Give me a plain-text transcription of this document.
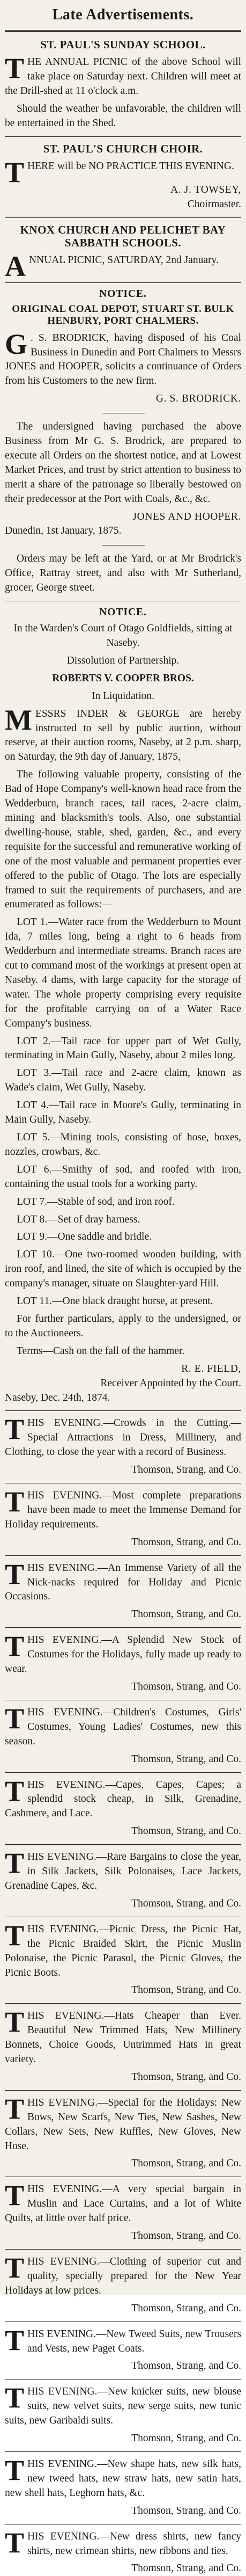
Late Advertisements.
ST. PAUL'S SUNDAY SCHOOL.
T HE ANNUAL PICNIC of the above School will take place on Saturday next. Children will meet at the Drill-shed at 11 o'clock a.m.
Should the weather be unfavorable, the children will be entertained in the Shed.
ST. PAUL'S CHURCH CHOIR.
T HERE will be NO PRACTICE THIS EVENING.
A. J. TOWSEY,
Choirmaster.
KNOX CHURCH AND PELICHET BAY SABBATH SCHOOLS.
A NNUAL PICNIC, SATURDAY, 2nd January.
NOTICE.
ORIGINAL COAL DEPOT, STUART ST. BULK HENBURY, PORT CHALMERS.
G . S. BRODRICK, having disposed of his Coal Business in Dunedin and Port Chalmers to Messrs JONES and HOOPER, solicits a continuance of Orders from his Customers to the new firm.
G. S. BRODRICK.
The undersigned having purchased the above Business from Mr G. S. Brodrick, are prepared to execute all Orders on the shortest notice, and at Lowest Market Prices, and trust by strict attention to business to merit a share of the patronage so liberally bestowed on their predecessor at the Port with Coals, &c., &c.
JONES AND HOOPER.
Dunedin, 1st January, 1875.
Orders may be left at the Yard, or at Mr Brodrick's Office, Rattray street, and also with Mr Sutherland, grocer, George street.
NOTICE.
In the Warden's Court of Otago Goldfields, sitting at Naseby.
Dissolution of Partnership.
ROBERTS V. COOPER BROS.
In Liquidation.
M ESSRS INDER & GEORGE are hereby instructed to sell by public auction, without reserve, at their auction rooms, Naseby, at 2 p.m. sharp, on Saturday, the 9th day of January, 1875,
The following valuable property, consisting of the Bad of Hope Company's well-known head race from the Wedderburn, branch races, tail races, 2-acre claim, mining and blacksmith's tools. Also, one substantial dwelling-house, stable, shed, garden, &c., and every requisite for the successful and remunerative working of one of the most valuable and permanent properties ever offered to the public of Otago. The lots are especially framed to suit the requirements of purchasers, and are enumerated as follows:—
LOT 1.—Water race from the Wedderburn to Mount Ida, 7 miles long, being a right to 6 heads from Wedderburn and intermediate streams. Branch races are cut to command most of the workings at present open at Naseby. 4 dams, with large capacity for the storage of water. The whole property comprising every requisite for the profitable carrying on of a Water Race Company's business.
LOT 2.—Tail race for upper part of Wet Gully, terminating in Main Gully, Naseby, about 2 miles long.
LOT 3.—Tail race and 2-acre claim, known as Wade's claim, Wet Gully, Naseby.
LOT 4.—Tail race in Moore's Gully, terminating in Main Gully, Naseby.
LOT 5.—Mining tools, consisting of hose, boxes, nozzles, crowbars, &c.
LOT 6.—Smithy of sod, and roofed with iron, containing the usual tools for a working party.
LOT 7.—Stable of sod, and iron roof.
LOT 8.—Set of dray harness.
LOT 9.—One saddle and bridle.
LOT 10.—One two-roomed wooden building, with iron roof, and lined, the site of which is occupied by the company's manager, situate on Slaughter-yard Hill.
LOT 11.—One black draught horse, at present.
For further particulars, apply to the undersigned, or to the Auctioneers.
Terms—Cash on the fall of the hammer.
R. E. FIELD,
Receiver Appointed by the Court.
Naseby, Dec. 24th, 1874.
THIS EVENING.—Crowds in the Cutting.—Special Attractions in Dress, Millinery, and Clothing, to close the year with a record of Business.
Thomson, Strang, and Co.
THIS EVENING.—Most complete preparations have been made to meet the Immense Demand for Holiday requirements.
Thomson, Strang, and Co.
THIS EVENING.—An Immense Variety of all the Nick-nacks required for Holiday and Picnic Occasions.
Thomson, Strang, and Co.
THIS EVENING.—A Splendid New Stock of Costumes for the Holidays, fully made up ready to wear.
Thomson, Strang, and Co.
THIS EVENING.—Children's Costumes, Girls' Costumes, Young Ladies' Costumes, new this season.
Thomson, Strang, and Co.
THIS EVENING.—Capes, Capes, Capes; a splendid stock cheap, in Silk, Grenadine, Cashmere, and Lace.
Thomson, Strang, and Co.
THIS EVENING.—Rare Bargains to close the year, in Silk Jackets, Silk Polonaises, Lace Jackets, Grenadine Capes, &c.
Thomson, Strang, and Co.
THIS EVENING.—Picnic Dress, the Picnic Hat, the Picnic Braided Skirt, the Picnic Muslin Polonaise, the Picnic Parasol, the Picnic Gloves, the Picnic Boots.
Thomson, Strang, and Co.
THIS EVENING.—Hats Cheaper than Ever. Beautiful New Trimmed Hats, New Millinery Bonnets, Choice Goods, Untrimmed Hats in great variety.
Thomson, Strang, and Co.
THIS EVENING.—Special for the Holidays: New Bows, New Scarfs, New Ties, New Sashes, New Collars, New Sets, New Ruffles, New Gloves, New Hose.
Thomson, Strang, and Co.
THIS EVENING.—A very special bargain in Muslin and Lace Curtains, and a lot of White Quilts, at little over half price.
Thomson, Strang, and Co.
THIS EVENING.—Clothing of superior cut and quality, specially prepared for the New Year Holidays at low prices.
Thomson, Strang, and Co.
THIS EVENING.—New Tweed Suits, new Trousers and Vests, new Paget Coats.
Thomson, Strang, and Co.
THIS EVENING.—New knicker suits, new blouse suits, new velvet suits, new serge suits, new tunic suits, new Garibaldi suits.
Thomson, Strang, and Co.
THIS EVENING.—New shape hats, new silk hats, new tweed hats, new straw hats, new satin hats, new shell hats, Leghorn hats, &c.
Thomson, Strang, and Co.
THIS EVENING.—New dress shirts, new fancy shirts, new crimean shirts, new ribbons and ties.
Thomson, Strang, and Co.
